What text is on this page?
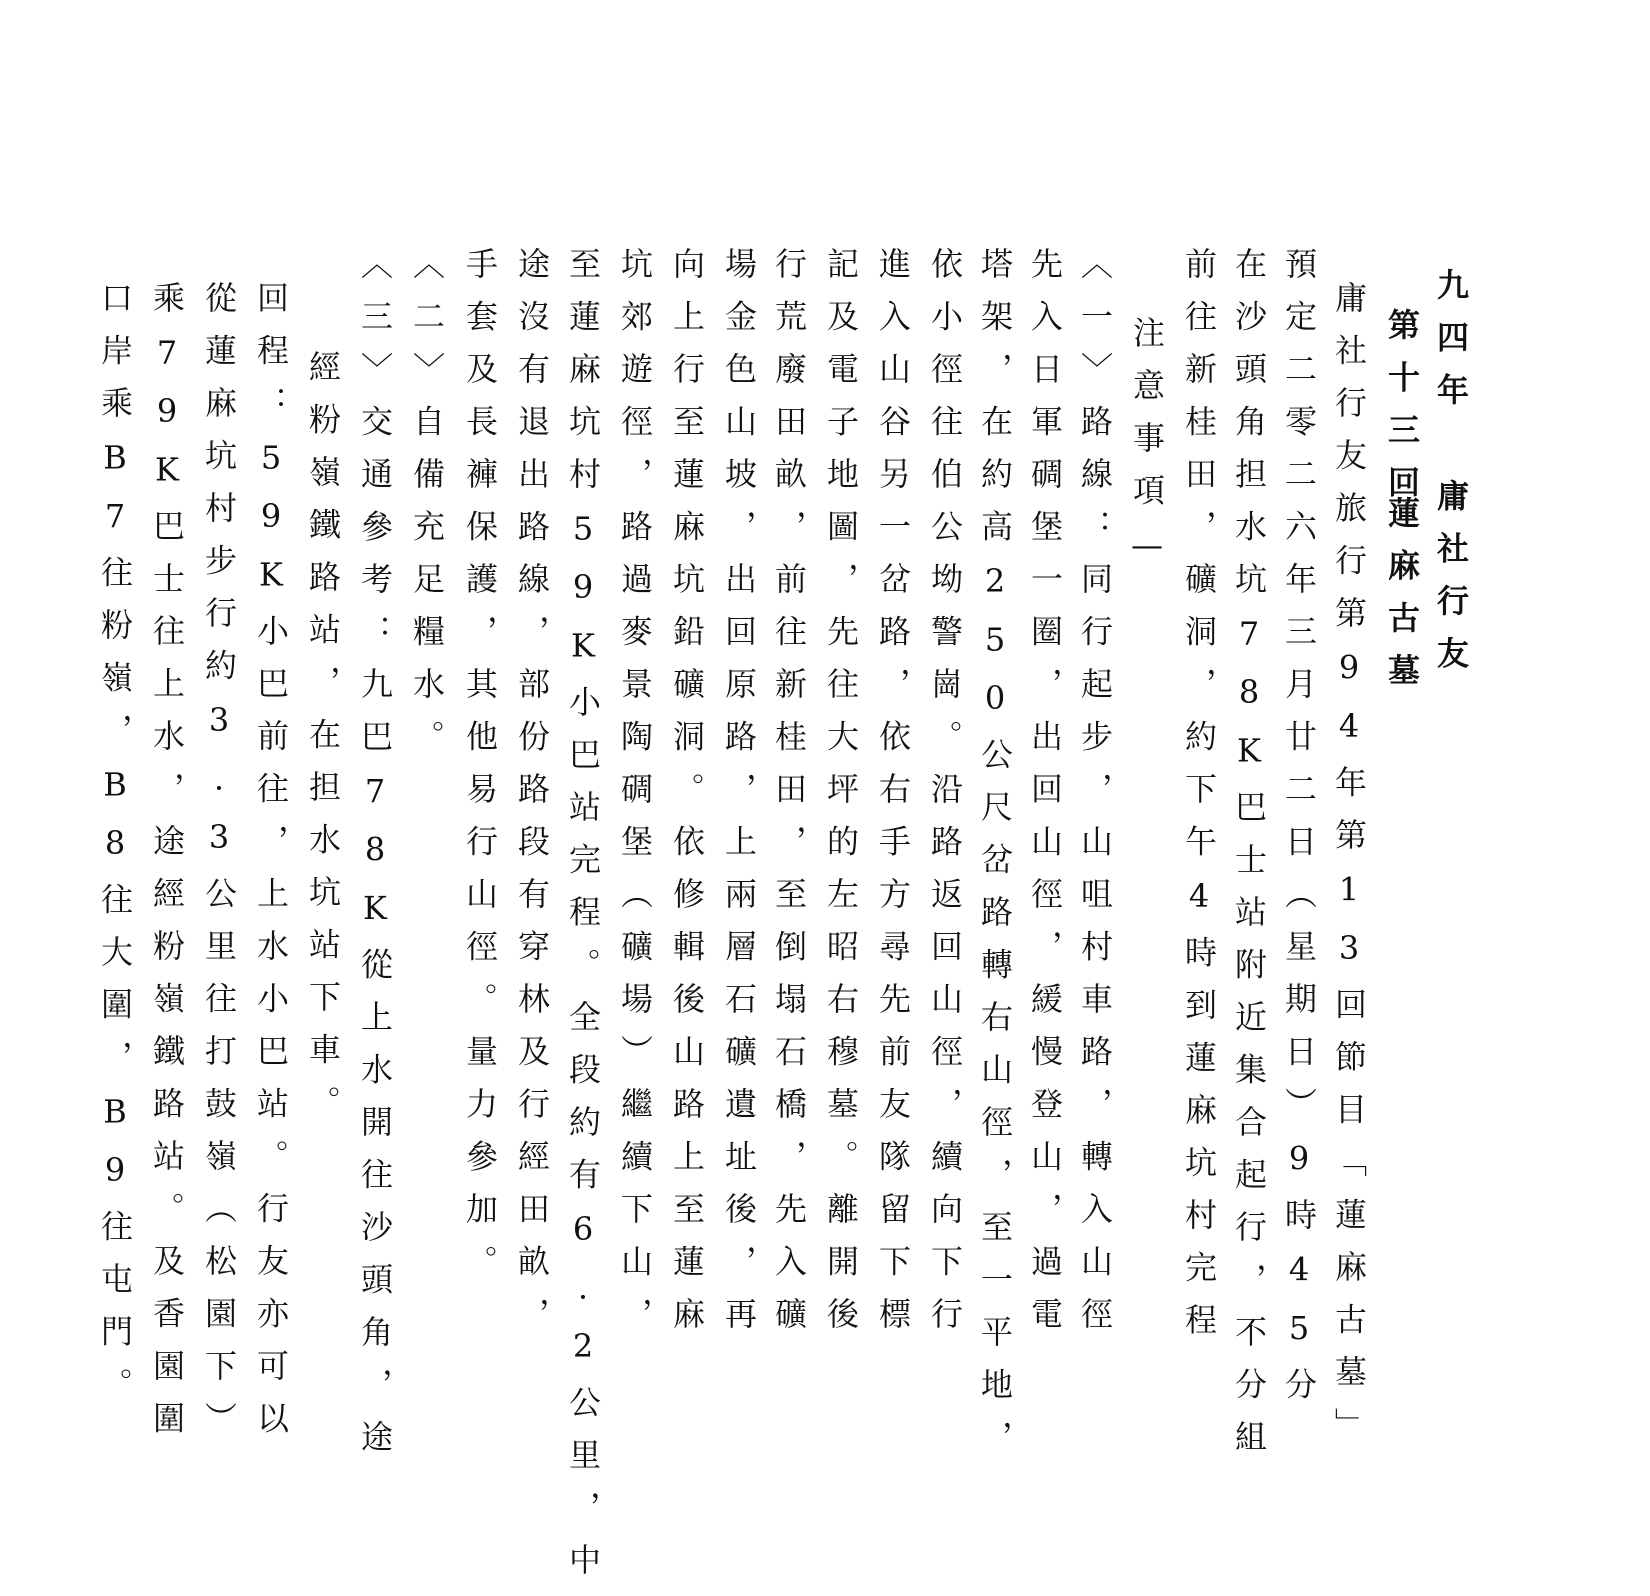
庸社行友
九四年
第十三回
蓮麻古墓
庸社行友旅行第94年第13回節目「蓮麻古墓」
預定二零二六年三月廿二日（星期日）9時45分
在沙頭角担水坑78K巴士站附近集合起行，不分組
前往新桂田，礦洞，約下午4時到蓮麻坑村完程
注意事項—
〈一〉路線：同行起步，山咀村車路，轉入山徑
先入日軍碉堡一圈，出回山徑，緩慢登山，過電
塔架，在約高250公尺岔路轉右山徑，至一平地，
依小徑往伯公坳警崗。沿路返回山徑，續向下行
進入山谷另一岔路，依右手方尋先前友隊留下標
記及電子地圖，先往大坪的左昭右穆墓。離開後
行荒廢田畝，前往新桂田，至倒塌石橋，先入礦
場金色山坡，出回原路，上兩層石礦遺址後，再
向上行至蓮麻坑鉛礦洞。依修輯後山路上至蓮麻
坑郊遊徑，路過麥景陶碉堡（礦場）繼續下山，
至蓮麻坑村59K小巴站完程。全段約有6.2公里，中
途沒有退出路線，部份路段有穿林及行經田畝，
手套及長褲保護，其他易行山徑。量力參加。
〈二〉自備充足糧水。
〈三〉交通參考：九巴78K從上水開往沙頭角，途
經粉嶺鐵路站，在担水坑站下車。
回程：59K小巴前往，上水小巴站。行友亦可以
從蓮麻坑村步行約3.3公里往打鼓嶺（松園下）
乘79K巴士往上水，途經粉嶺鐵路站。及香園圍
口岸乘B7往粉嶺，B8往大圍，B9往屯門。
